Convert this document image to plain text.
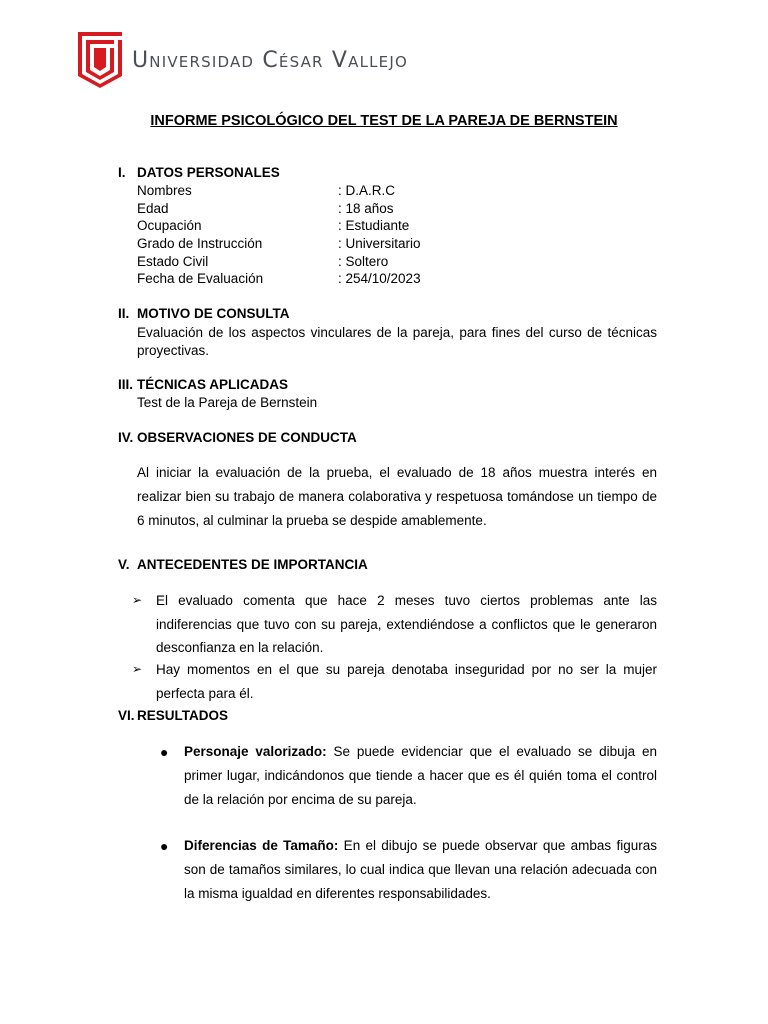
Universidad César Vallejo
INFORME PSICOLÓGICO DEL TEST DE LA PAREJA DE BERNSTEIN
I. DATOS PERSONALES
Nombres	: D.A.R.C
Edad	: 18 años
Ocupación	: Estudiante
Grado de Instrucción	: Universitario
Estado Civil	: Soltero
Fecha de Evaluación	: 254/10/2023
II. MOTIVO DE CONSULTA
Evaluación de los aspectos vinculares de la pareja, para fines del curso de técnicas proyectivas.
III. TÉCNICAS APLICADAS
Test de la Pareja de Bernstein
IV. OBSERVACIONES DE CONDUCTA
Al iniciar la evaluación de la prueba, el evaluado de 18 años muestra interés en realizar bien su trabajo de manera colaborativa y respetuosa tomándose un tiempo de 6 minutos, al culminar la prueba se despide amablemente.
V. ANTECEDENTES DE IMPORTANCIA
➢ El evaluado comenta que hace 2 meses tuvo ciertos problemas ante las indiferencias que tuvo con su pareja, extendiéndose a conflictos que le generaron desconfianza en la relación.
➢ Hay momentos en el que su pareja denotaba inseguridad por no ser la mujer perfecta para él.
VI. RESULTADOS
● Personaje valorizado: Se puede evidenciar que el evaluado se dibuja en primer lugar, indicándonos que tiende a hacer que es él quién toma el control de la relación por encima de su pareja.
● Diferencias de Tamaño: En el dibujo se puede observar que ambas figuras son de tamaños similares, lo cual indica que llevan una relación adecuada con la misma igualdad en diferentes responsabilidades.
